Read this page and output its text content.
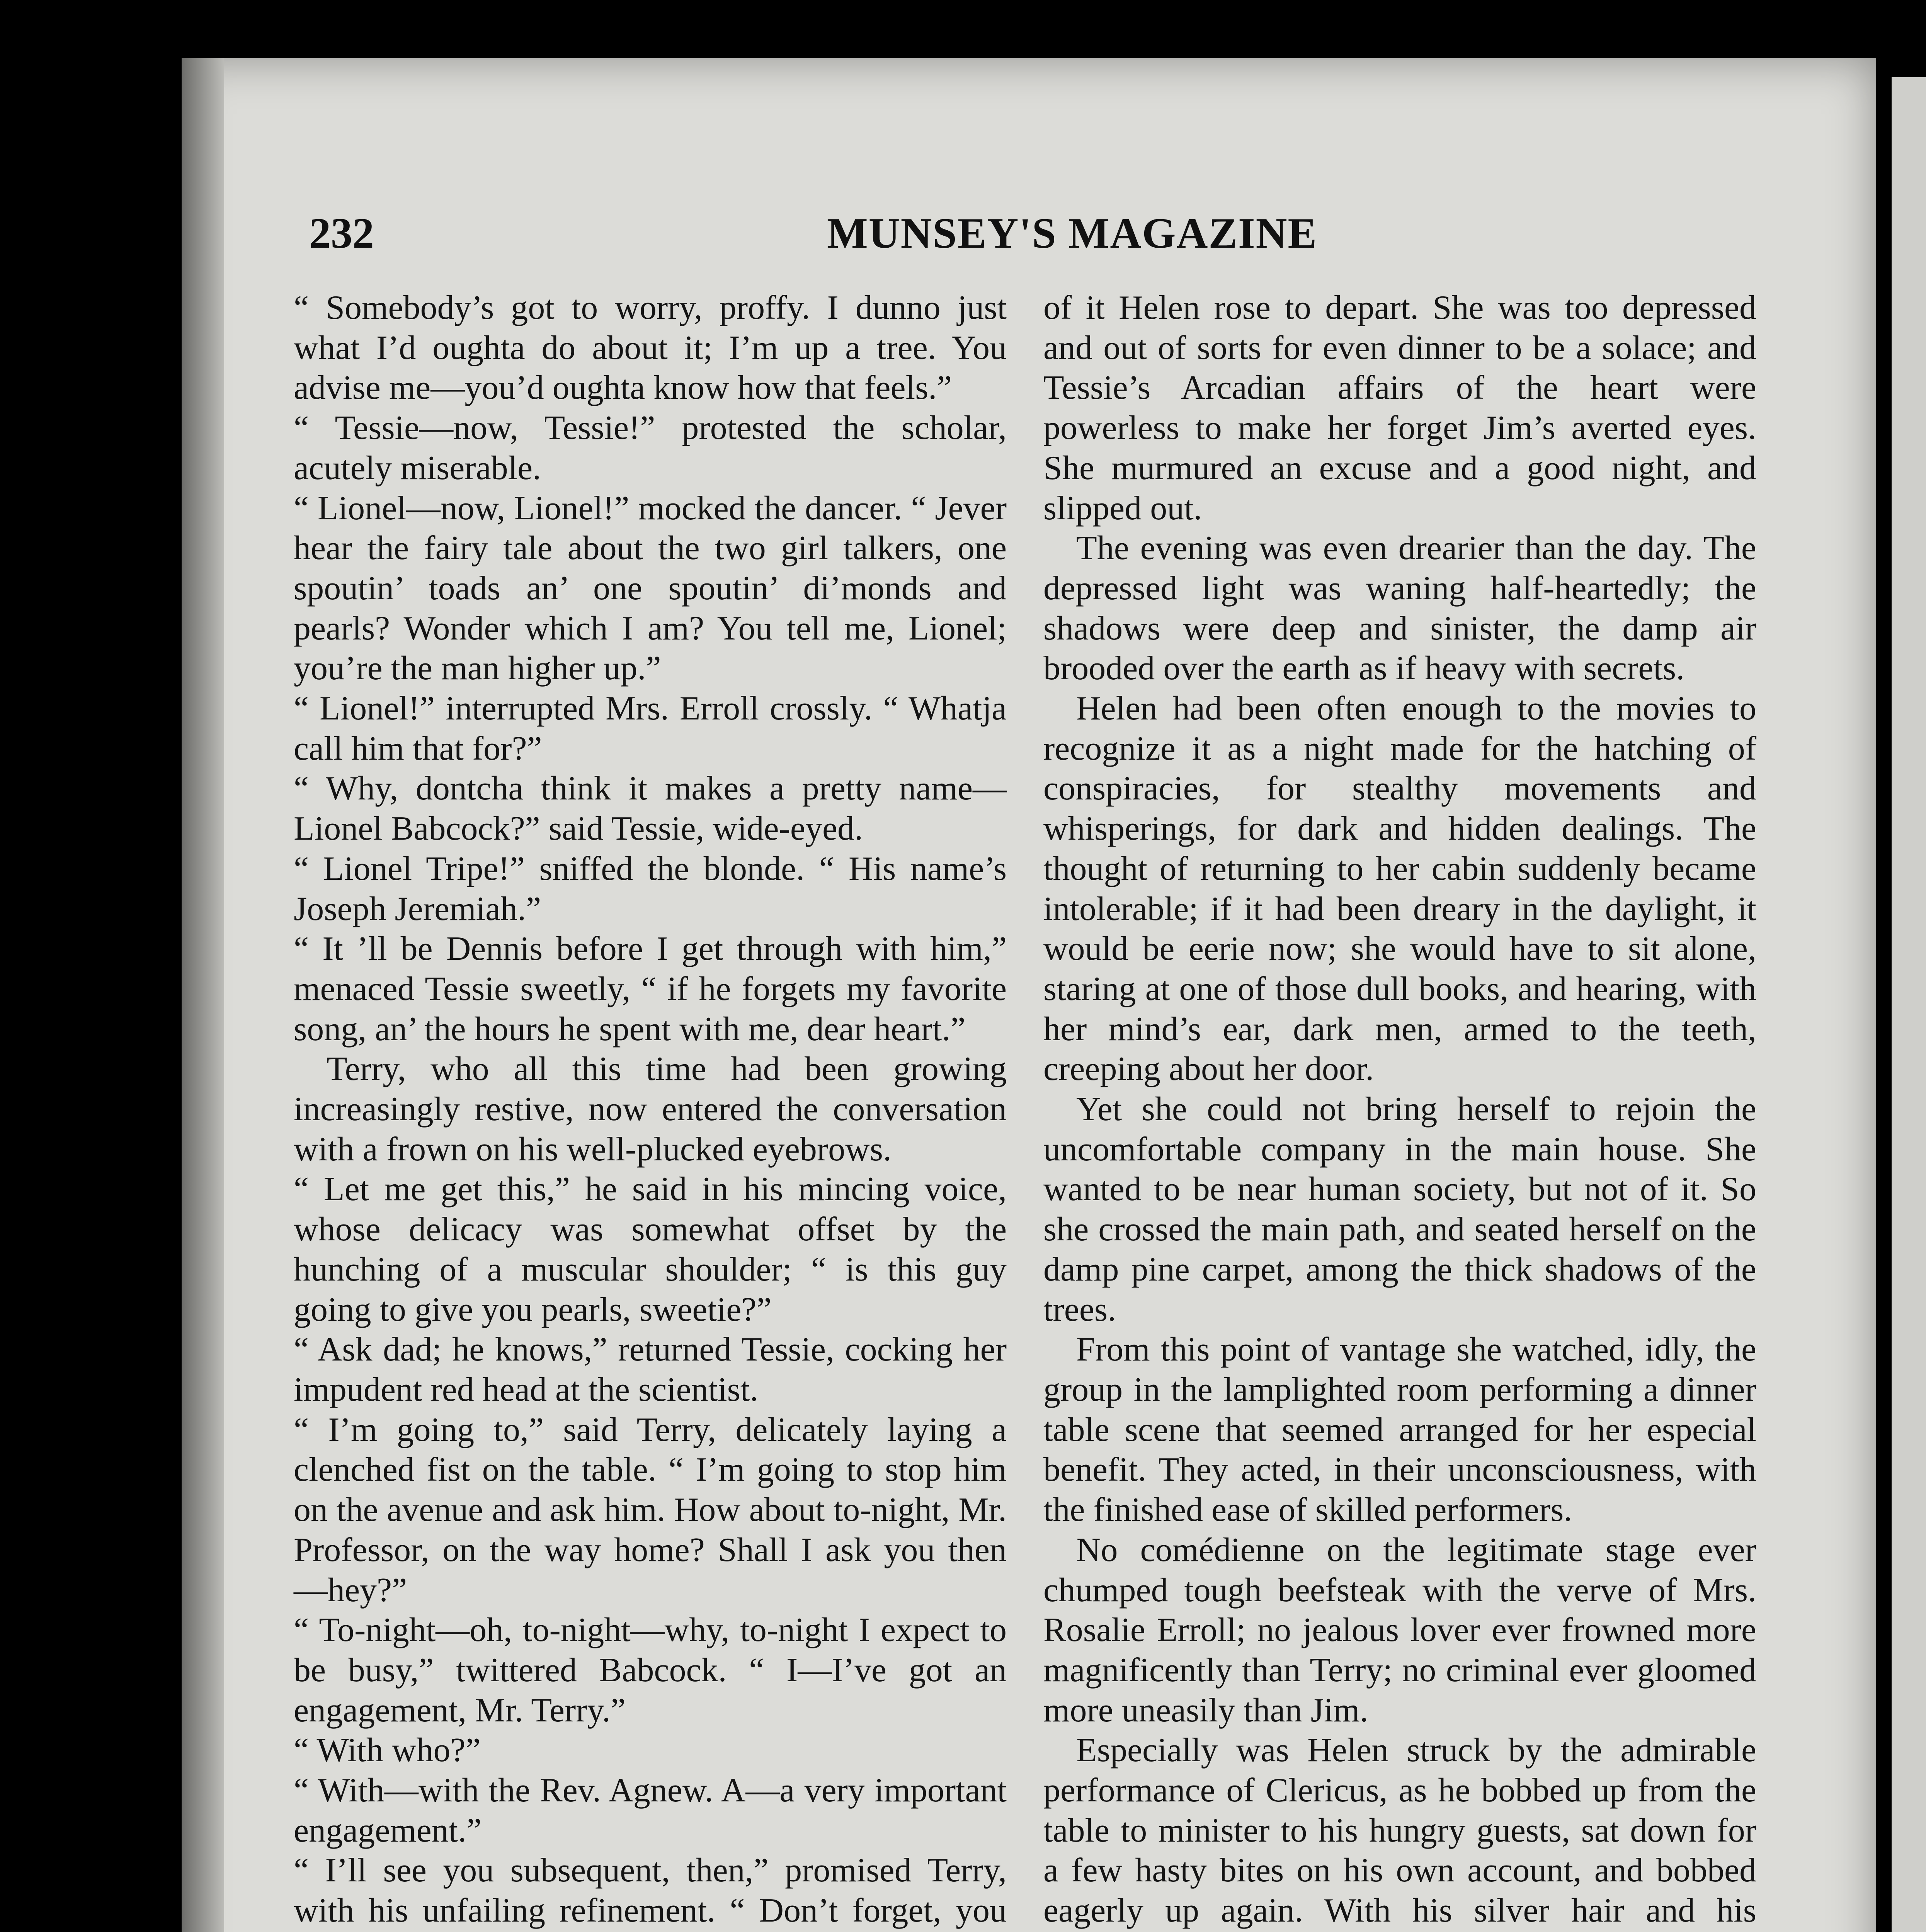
232	MUNSEY'S MAGAZINE

“ Somebody’s got to worry, proffy. I dunno just what I’d oughta do about it; I’m up a tree. You advise me—you’d oughta know how that feels.”

“ Tessie—now, Tessie!” protested the scholar, acutely miserable.

“ Lionel—now, Lionel!” mocked the dancer. “ Jever hear the fairy tale about the two girl talkers, one spoutin’ toads an’ one spoutin’ di’monds and pearls? Wonder which I am? You tell me, Lionel; you’re the man higher up.”

“ Lionel!” interrupted Mrs. Erroll crossly. “ Whatja call him that for?”

“ Why, dontcha think it makes a pretty name—Lionel Babcock?” said Tessie, wide-eyed.

“ Lionel Tripe!” sniffed the blonde. “ His name’s Joseph Jeremiah.”

“ It ’ll be Dennis before I get through with him,” menaced Tessie sweetly, “ if he forgets my favorite song, an’ the hours he spent with me, dear heart.”

Terry, who all this time had been growing increasingly restive, now entered the conversation with a frown on his well-plucked eyebrows.

“ Let me get this,” he said in his mincing voice, whose delicacy was somewhat offset by the hunching of a muscular shoulder; “ is this guy going to give you pearls, sweetie?”

“ Ask dad; he knows,” returned Tessie, cocking her impudent red head at the scientist.

“ I’m going to,” said Terry, delicately laying a clenched fist on the table. “ I’m going to stop him on the avenue and ask him. How about to-night, Mr. Professor, on the way home? Shall I ask you then —hey?”

“ To-night—oh, to-night—why, to-night I expect to be busy,” twittered Babcock. “ I—I’ve got an engagement, Mr. Terry.”

“ With who?”

“ With—with the Rev. Agnew. A—a very important engagement.”

“ I’ll see you subsequent, then,” promised Terry, with his unfailing refinement. “ Don’t forget, you

of it Helen rose to depart. She was too depressed and out of sorts for even dinner to be a solace; and Tessie’s Arcadian affairs of the heart were powerless to make her forget Jim’s averted eyes. She murmured an excuse and a good night, and slipped out.

The evening was even drearier than the day. The depressed light was waning half-heartedly; the shadows were deep and sinister, the damp air brooded over the earth as if heavy with secrets.

Helen had been often enough to the movies to recognize it as a night made for the hatching of conspiracies, for stealthy movements and whisperings, for dark and hidden dealings. The thought of returning to her cabin suddenly became intolerable; if it had been dreary in the daylight, it would be eerie now; she would have to sit alone, staring at one of those dull books, and hearing, with her mind’s ear, dark men, armed to the teeth, creeping about her door.

Yet she could not bring herself to rejoin the uncomfortable company in the main house. She wanted to be near human society, but not of it. So she crossed the main path, and seated herself on the damp pine carpet, among the thick shadows of the trees.

From this point of vantage she watched, idly, the group in the lamplighted room performing a dinner table scene that seemed arranged for her especial benefit. They acted, in their unconsciousness, with the finished ease of skilled performers.

No comédienne on the legitimate stage ever chumped tough beefsteak with the verve of Mrs. Rosalie Erroll; no jealous lover ever frowned more magnificently than Terry; no criminal ever gloomed more uneasily than Jim.

Especially was Helen struck by the admirable performance of Clericus, as he bobbed up from the table to minister to his hungry guests, sat down for a few hasty bites on his own account, and bobbed eagerly up again. With his silver hair and his
